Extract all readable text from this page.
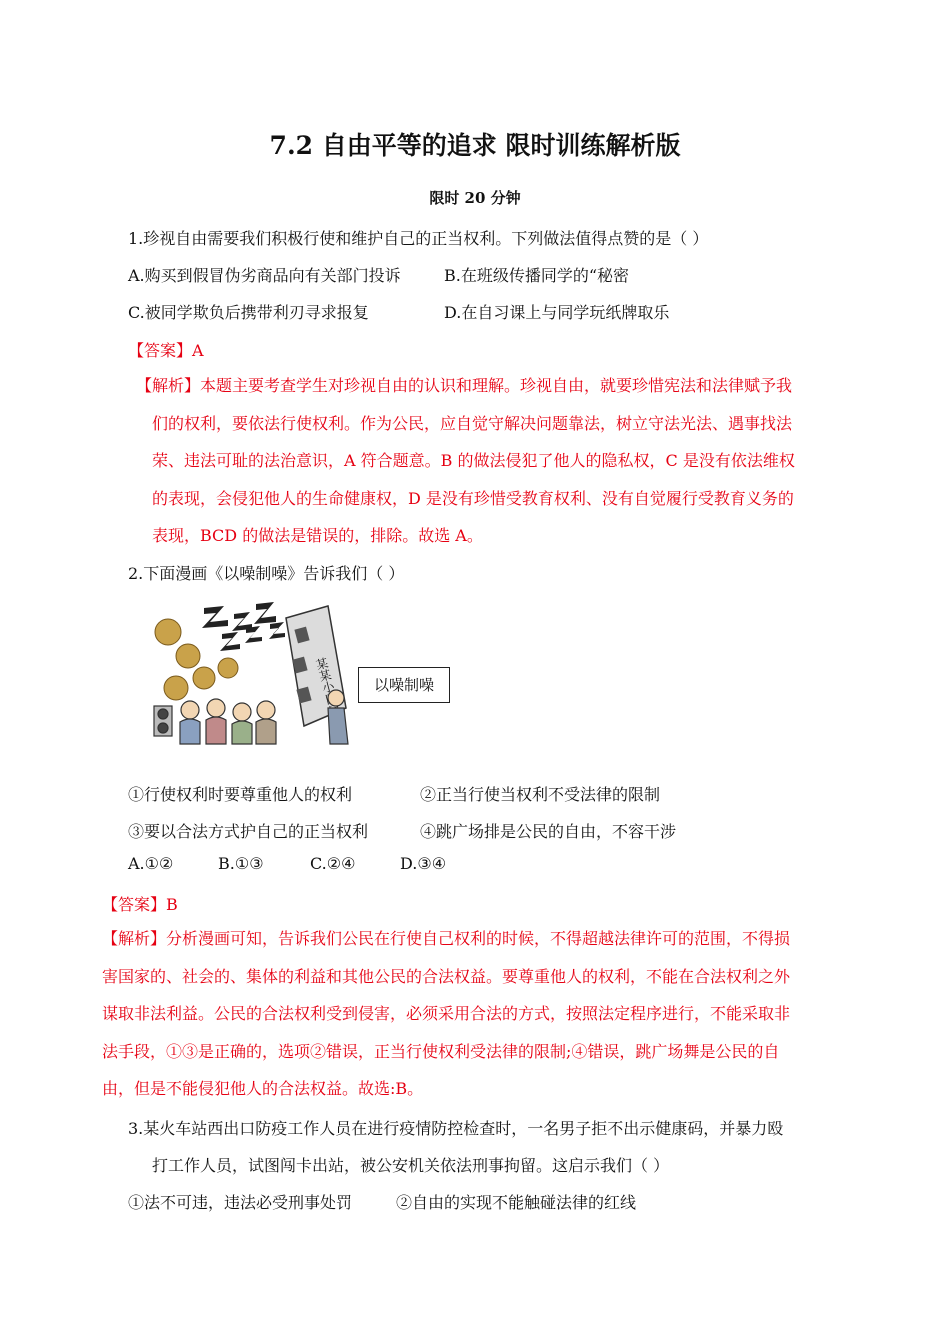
7.2 自由平等的追求 限时训练解析版
限时 20 分钟
1.珍视自由需要我们积极行使和维护自己的正当权利。下列做法值得点赞的是（ ）
A.购买到假冒伪劣商品向有关部门投诉	B.在班级传播同学的“秘密
C.被同学欺负后携带利刃寻求报复	D.在自习课上与同学玩纸牌取乐
【答案】A
【解析】本题主要考查学生对珍视自由的认识和理解。珍视自由，就要珍惜宪法和法律赋予我
们的权利，要依法行使权利。作为公民，应自觉守解决问题靠法，树立守法光法、遇事找法
荣、违法可耻的法治意识，A 符合题意。B 的做法侵犯了他人的隐私权，C 是没有依法维权
的表现，会侵犯他人的生命健康权，D 是没有珍惜受教育权利、没有自觉履行受教育义务的
表现，BCD 的做法是错误的，排除。故选 A。
2.下面漫画《以噪制噪》告诉我们（ ）
以噪制噪
①行使权利时要尊重他人的权利	②正当行使当权利不受法律的限制
③要以合法方式护自己的正当权利	④跳广场排是公民的自由，不容干涉
A.①②	B.①③	C.②④	D.③④
【答案】B
【解析】分析漫画可知，告诉我们公民在行使自己权利的时候，不得超越法律许可的范围，不得损
害国家的、社会的、集体的利益和其他公民的合法权益。要尊重他人的权利，不能在合法权利之外
谋取非法利益。公民的合法权利受到侵害，必须采用合法的方式，按照法定程序进行，不能采取非
法手段，①③是正确的，选项②错误，正当行使权利受法律的限制;④错误，跳广场舞是公民的自
由，但是不能侵犯他人的合法权益。故选:B。
3.某火车站西出口防疫工作人员在进行疫情防控检查时，一名男子拒不出示健康码，并暴力殴
打工作人员，试图闯卡出站，被公安机关依法刑事拘留。这启示我们（ ）
①法不可违，违法必受刑事处罚	②自由的实现不能触碰法律的红线
